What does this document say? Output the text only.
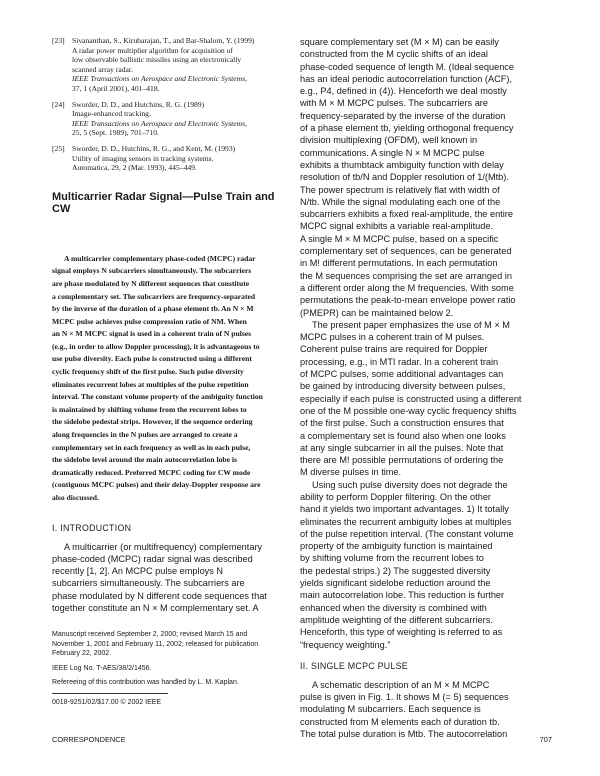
[23] Sivananthan, S., Kirubarajan, T., and Bar-Shalom, Y. (1999)
A radar power multiplier algorithm for acquisition of
low observable ballistic missiles using an electronically
scanned array radar.
IEEE Transactions on Aerospace and Electronic Systems,
37, 1 (April 2001), 401–418.
[24] Sworder, D. D., and Hutchins, R. G. (1989)
Image-enhanced tracking.
IEEE Transactions on Aerospace and Electronic Systems,
25, 5 (Sept. 1989), 701–710.
[25] Sworder, D. D., Hutchins, R. G., and Kent, M. (1993)
Utility of imaging sensors in tracking systems.
Automatica, 29, 2 (Mar. 1993), 445–449.
Multicarrier Radar Signal—Pulse Train and CW
A multicarrier complementary phase-coded (MCPC) radar
signal employs N subcarriers simultaneously. The subcarriers
are phase modulated by N different sequences that constitute
a complementary set. The subcarriers are frequency-separated
by the inverse of the duration of a phase element tb. An N × M
MCPC pulse achieves pulse compression ratio of NM. When
an N × M MCPC signal is used in a coherent train of N pulses
(e.g., in order to allow Doppler processing), it is advantageous to
use pulse diversity. Each pulse is constructed using a different
cyclic frequency shift of the first pulse. Such pulse diversity
eliminates recurrent lobes at multiples of the pulse repetition
interval. The constant volume property of the ambiguity function
is maintained by shifting volume from the recurrent lobes to
the sidelobe pedestal strips. However, if the sequence ordering
along frequencies in the N pulses are arranged to create a
complementary set in each frequency as well as in each pulse,
the sidelobe level around the main autocorrelation lobe is
dramatically reduced. Preferred MCPC coding for CW mode
(contiguous MCPC pulses) and their delay-Doppler response are
also discussed.
I. INTRODUCTION
A multicarrier (or multifrequency) complementary
phase-coded (MCPC) radar signal was described
recently [1, 2]. An MCPC pulse employs N
subcarriers simultaneously. The subcarriers are
phase modulated by N different code sequences that
together constitute an N × M complementary set. A

Manuscript received September 2, 2000; revised March 15 and
November 1, 2001 and February 11, 2002; released for publication
February 22, 2002.

IEEE Log No. T-AES/38/2/1456.

Refereeing of this contribution was handled by L. M. Kaplan.

0018-9251/02/$17.00 © 2002 IEEE
square complementary set (M × M) can be easily
constructed from the M cyclic shifts of an ideal
phase-coded sequence of length M. (Ideal sequence
has an ideal periodic autocorrelation function (ACF),
e.g., P4, defined in (4)). Henceforth we deal mostly
with M × M MCPC pulses. The subcarriers are
frequency-separated by the inverse of the duration
of a phase element tb, yielding orthogonal frequency
division multiplexing (OFDM), well known in
communications. A single N × M MCPC pulse
exhibits a thumbtack ambiguity function with delay
resolution of tb/N and Doppler resolution of 1/(Mtb).
The power spectrum is relatively flat with width of
N/tb. While the signal modulating each one of the
subcarriers exhibits a fixed real-amplitude, the entire
MCPC signal exhibits a variable real-amplitude.
A single M × M MCPC pulse, based on a specific
complementary set of sequences, can be generated
in M! different permutations. In each permutation
the M sequences comprising the set are arranged in
a different order along the M frequencies. With some
permutations the peak-to-mean envelope power ratio
(PMEPR) can be maintained below 2.
The present paper emphasizes the use of M × M
MCPC pulses in a coherent train of M pulses.
Coherent pulse trains are required for Doppler
processing, e.g., in MTI radar. In a coherent train
of MCPC pulses, some additional advantages can
be gained by introducing diversity between pulses,
especially if each pulse is constructed using a different
one of the M possible one-way cyclic frequency shifts
of the first pulse. Such a construction ensures that
a complementary set is found also when one looks
at any single subcarrier in all the pulses. Note that
there are M! possible permutations of ordering the
M diverse pulses in time.
Using such pulse diversity does not degrade the
ability to perform Doppler filtering. On the other
hand it yields two important advantages. 1) It totally
eliminates the recurrent ambiguity lobes at multiples
of the pulse repetition interval. (The constant volume
property of the ambiguity function is maintained
by shifting volume from the recurrent lobes to
the pedestal strips.) 2) The suggested diversity
yields significant sidelobe reduction around the
main autocorrelation lobe. This reduction is further
enhanced when the diversity is combined with
amplitude weighting of the different subcarriers.
Henceforth, this type of weighting is referred to as
“frequency weighting.”
II. SINGLE MCPC PULSE
A schematic description of an M × M MCPC
pulse is given in Fig. 1. It shows M (= 5) sequences
modulating M subcarriers. Each sequence is
constructed from M elements each of duration tb.
The total pulse duration is Mtb. The autocorrelation
CORRESPONDENCE	707
